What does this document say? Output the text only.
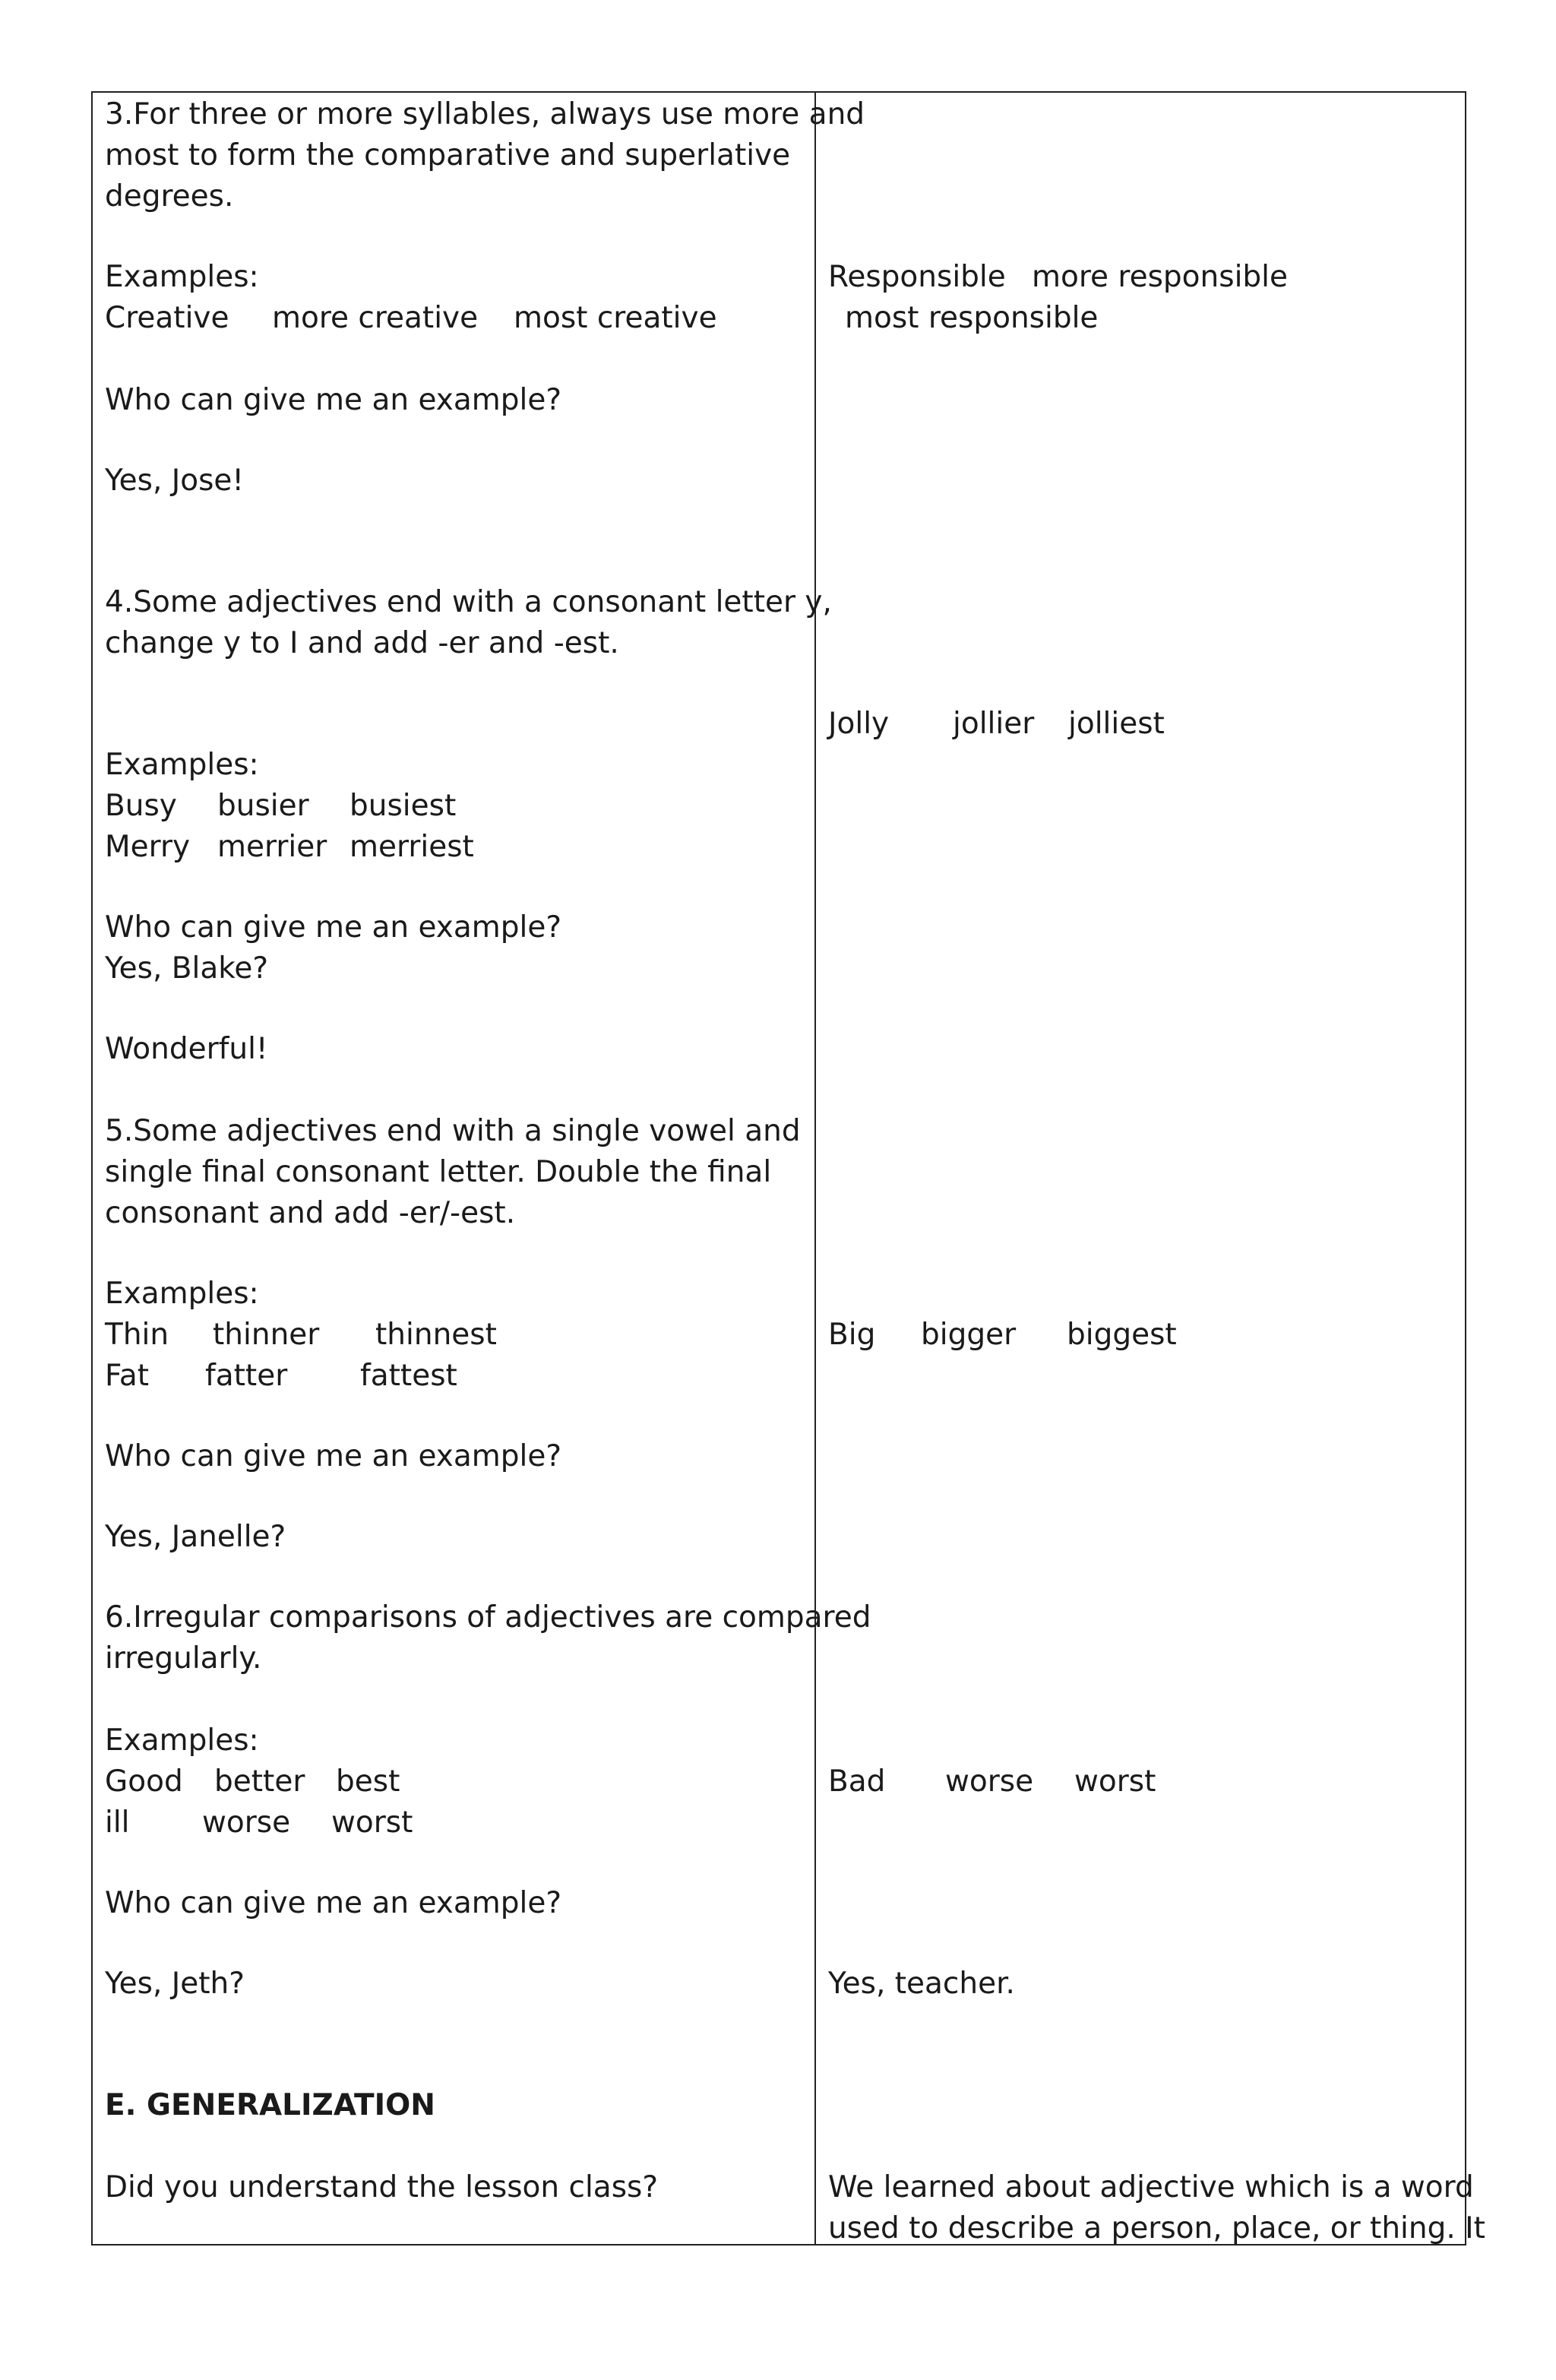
3.For three or more syllables, always use more and
most to form the comparative and superlative
degrees.
Examples:
Creative more creative most creative
Who can give me an example?
Yes, Jose!
4.Some adjectives end with a consonant letter y,
change y to I and add -er and -est.
Examples:
Busy busier busiest
Merry merrier merriest
Who can give me an example?
Yes, Blake?
Wonderful!
5.Some adjectives end with a single vowel and
single final consonant letter. Double the final
consonant and add -er/-est.
Examples:
Thin thinner thinnest
Fat fatter fattest
Who can give me an example?
Yes, Janelle?
6.Irregular comparisons of adjectives are compared
irregularly.
Examples:
Good better best
ill worse worst
Who can give me an example?
Yes, Jeth?
E. GENERALIZATION
Did you understand the lesson class?
Responsible more responsible
most responsible
Jolly jollier jolliest
Big bigger biggest
Bad worse worst
Yes, teacher.
We learned about adjective which is a word
used to describe a person, place, or thing. It
